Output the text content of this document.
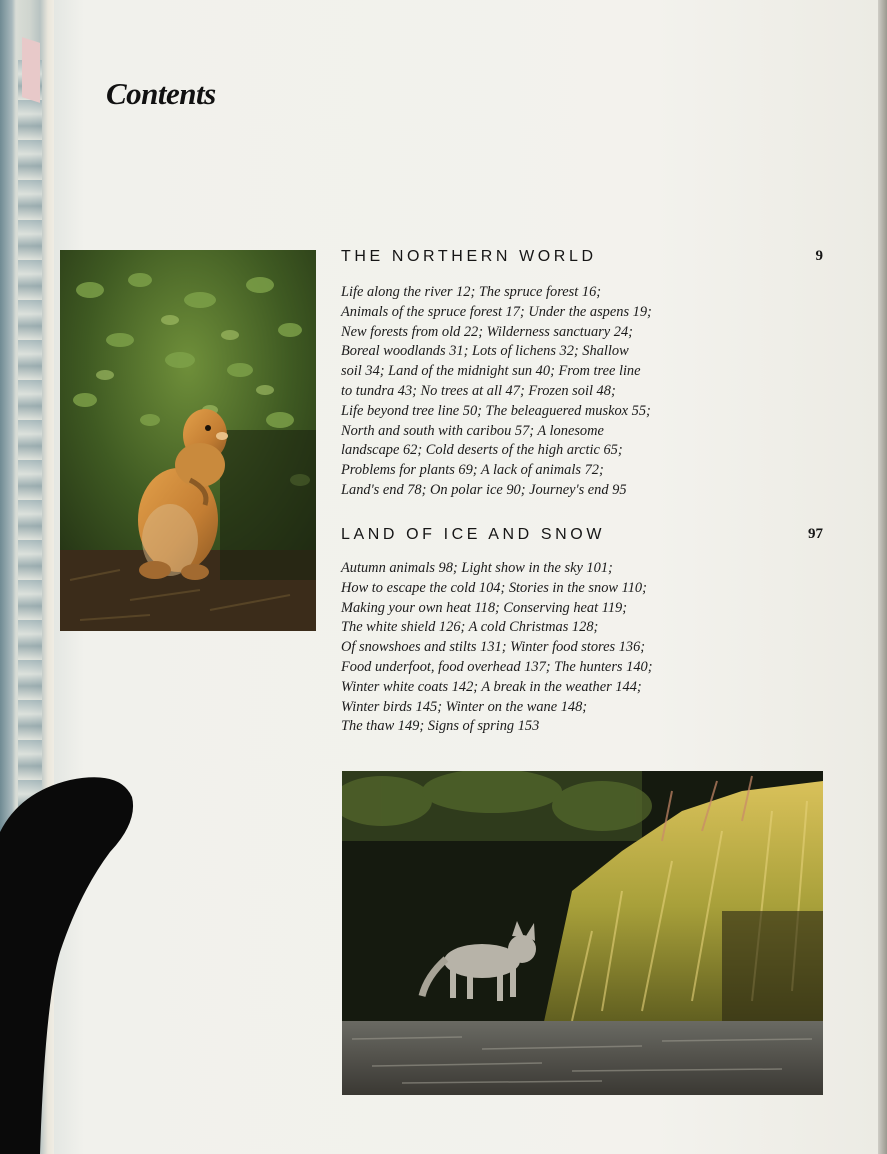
Contents
THE NORTHERN WORLD	9
Life along the river 12; The spruce forest 16;
Animals of the spruce forest 17; Under the aspens 19;
New forests from old 22; Wilderness sanctuary 24;
Boreal woodlands 31; Lots of lichens 32; Shallow
soil 34; Land of the midnight sun 40; From tree line
to tundra 43; No trees at all 47; Frozen soil 48;
Life beyond tree line 50; The beleaguered muskox 55;
North and south with caribou 57; A lonesome
landscape 62; Cold deserts of the high arctic 65;
Problems for plants 69; A lack of animals 72;
Land's end 78; On polar ice 90; Journey's end 95
LAND OF ICE AND SNOW	97
Autumn animals 98; Light show in the sky 101;
How to escape the cold 104; Stories in the snow 110;
Making your own heat 118; Conserving heat 119;
The white shield 126; A cold Christmas 128;
Of snowshoes and stilts 131; Winter food stores 136;
Food underfoot, food overhead 137; The hunters 140;
Winter white coats 142; A break in the weather 144;
Winter birds 145; Winter on the wane 148;
The thaw 149; Signs of spring 153
